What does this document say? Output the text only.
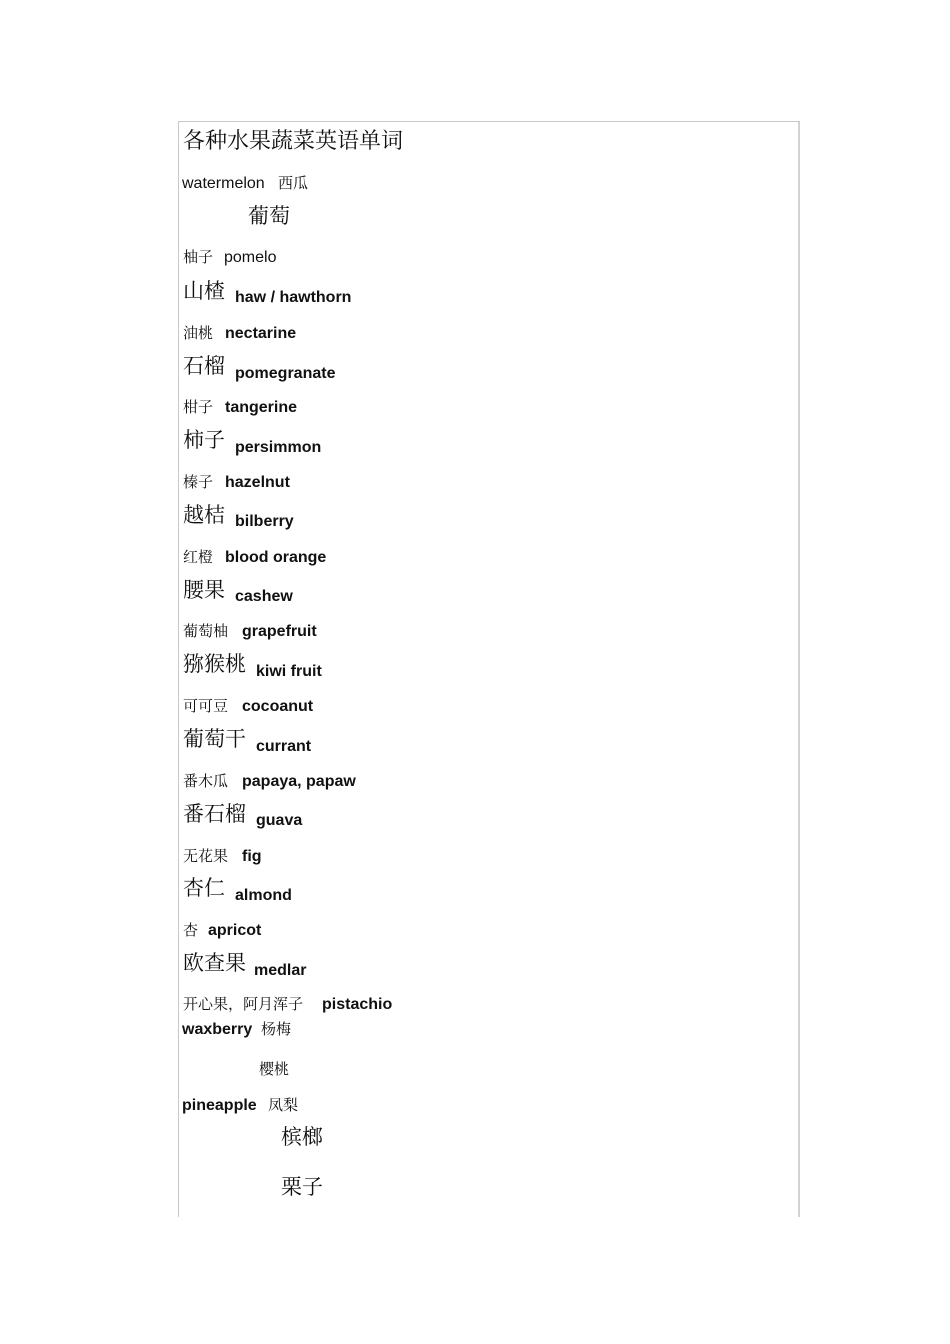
各种水果蔬菜英语单词
watermelon 西瓜
葡萄
柚子 pomelo
山楂 haw / hawthorn
油桃 nectarine
石榴 pomegranate
柑子 tangerine
柿子 persimmon
榛子 hazelnut
越桔 bilberry
红橙 blood orange
腰果 cashew
葡萄柚 grapefruit
猕猴桃 kiwi fruit
可可豆 cocoanut
葡萄干 currant
番木瓜 papaya, papaw
番石榴 guava
无花果 fig
杏仁 almond
杏 apricot
欧查果 medlar
开心果，阿月浑子 pistachio
waxberry 杨梅
樱桃
pineapple 凤梨
槟榔
栗子
